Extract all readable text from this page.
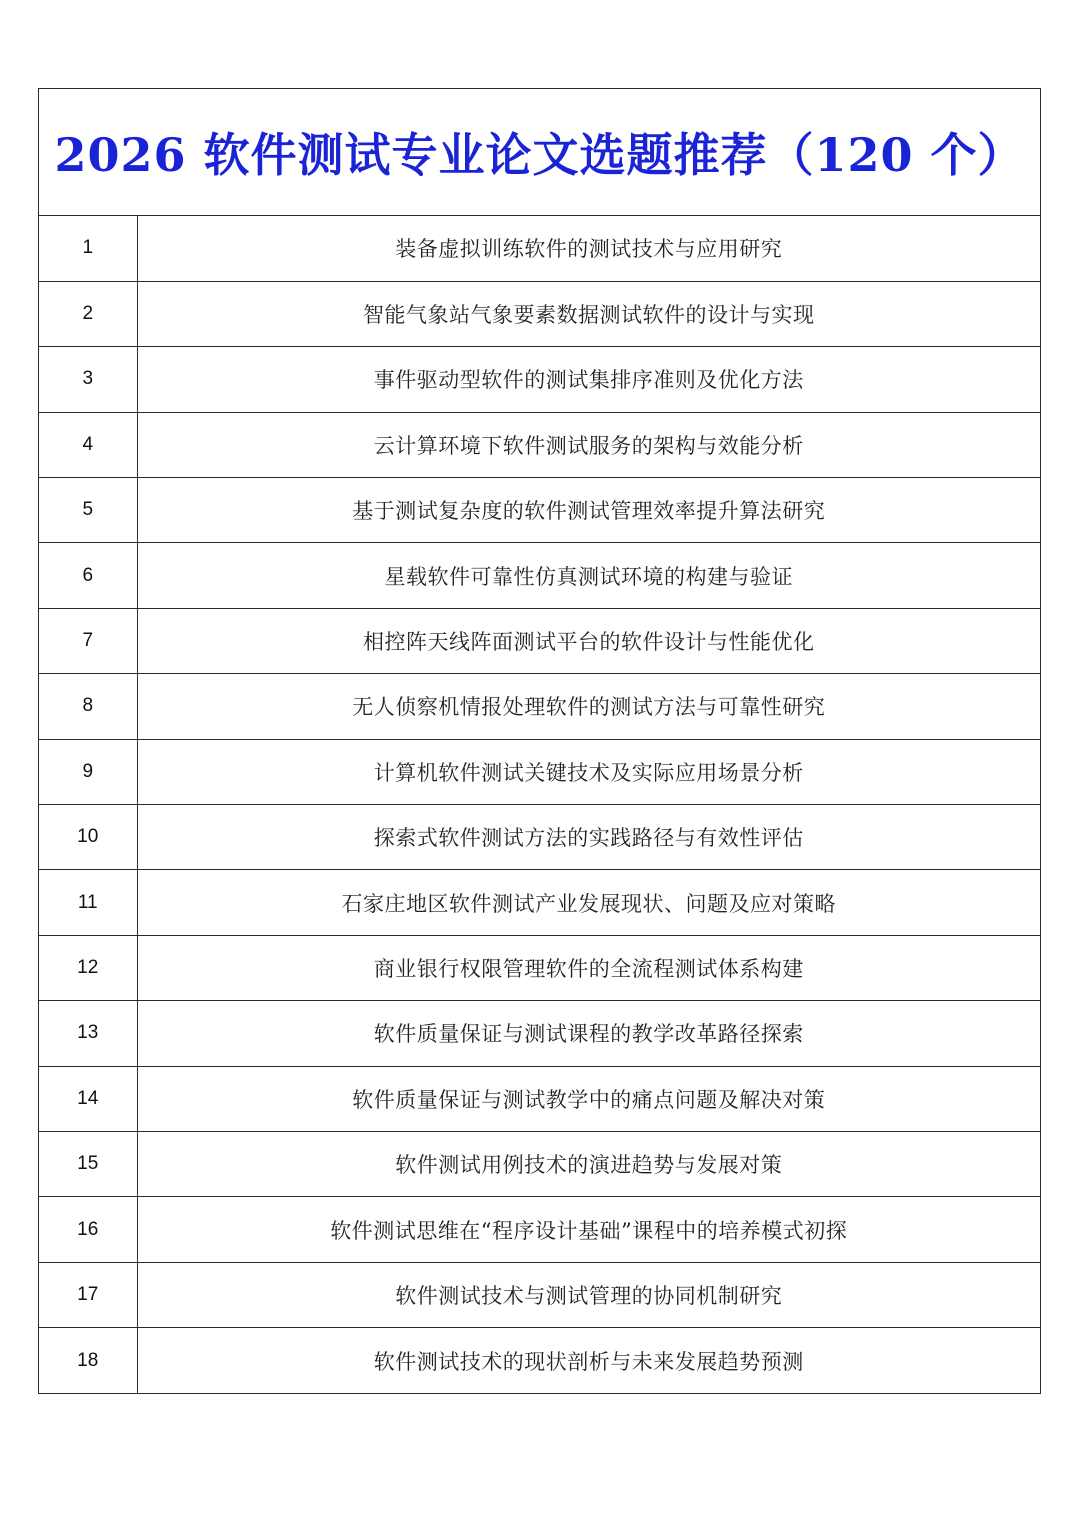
2026 软件测试专业论文选题推荐（120 个）
1	装备虚拟训练软件的测试技术与应用研究
2	智能气象站气象要素数据测试软件的设计与实现
3	事件驱动型软件的测试集排序准则及优化方法
4	云计算环境下软件测试服务的架构与效能分析
5	基于测试复杂度的软件测试管理效率提升算法研究
6	星载软件可靠性仿真测试环境的构建与验证
7	相控阵天线阵面测试平台的软件设计与性能优化
8	无人侦察机情报处理软件的测试方法与可靠性研究
9	计算机软件测试关键技术及实际应用场景分析
10	探索式软件测试方法的实践路径与有效性评估
11	石家庄地区软件测试产业发展现状、问题及应对策略
12	商业银行权限管理软件的全流程测试体系构建
13	软件质量保证与测试课程的教学改革路径探索
14	软件质量保证与测试教学中的痛点问题及解决对策
15	软件测试用例技术的演进趋势与发展对策
16	软件测试思维在“程序设计基础”课程中的培养模式初探
17	软件测试技术与测试管理的协同机制研究
18	软件测试技术的现状剖析与未来发展趋势预测
